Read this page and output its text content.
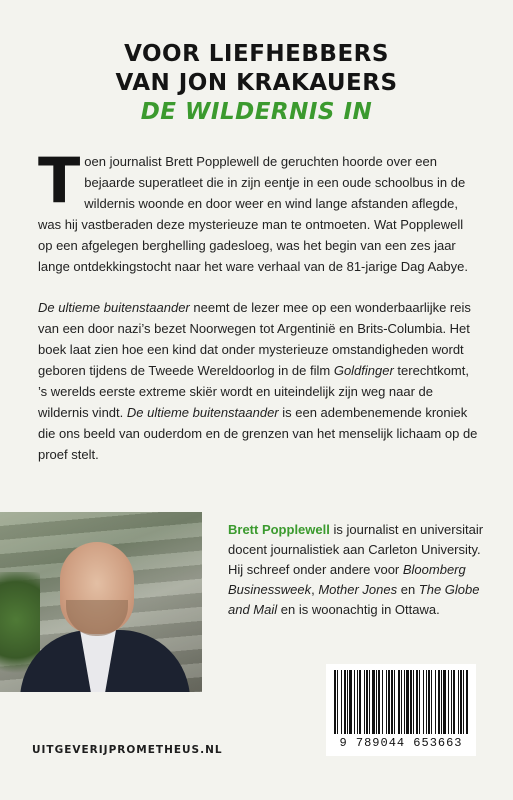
VOOR LIEFHEBBERS
VAN JON KRAKAUERS
DE WILDERNIS IN

Toen journalist Brett Popplewell de geruchten hoorde over een bejaarde superatleet die in zijn eentje in een oude schoolbus in de wildernis woonde en door weer en wind lange afstanden aflegde, was hij vastberaden deze mysterieuze man te ontmoeten. Wat Popplewell op een afgelegen berghelling gadesloeg, was het begin van een zes jaar lange ontdekkingstocht naar het ware verhaal van de 81-jarige Dag Aabye.

De ultieme buitenstaander neemt de lezer mee op een wonderbaarlijke reis van een door nazi’s bezet Noorwegen tot Argentinië en Brits-Columbia. Het boek laat zien hoe een kind dat onder mysterieuze omstandigheden wordt geboren tijdens de Tweede Wereldoorlog in de film Goldfinger terechtkomt, ’s werelds eerste extreme skiër wordt en uiteindelijk zijn weg naar de wildernis vindt. De ultieme buitenstaander is een adembenemende kroniek die ons beeld van ouderdom en de grenzen van het menselijk lichaam op de proef stelt.

Brett Popplewell is journalist en universitair docent journalistiek aan Carleton University. Hij schreef onder andere voor Bloomberg Businessweek, Mother Jones en The Globe and Mail en is woonachtig in Ottawa.
9 789044 653663
UITGEVERIJPROMETHEUS.NL
